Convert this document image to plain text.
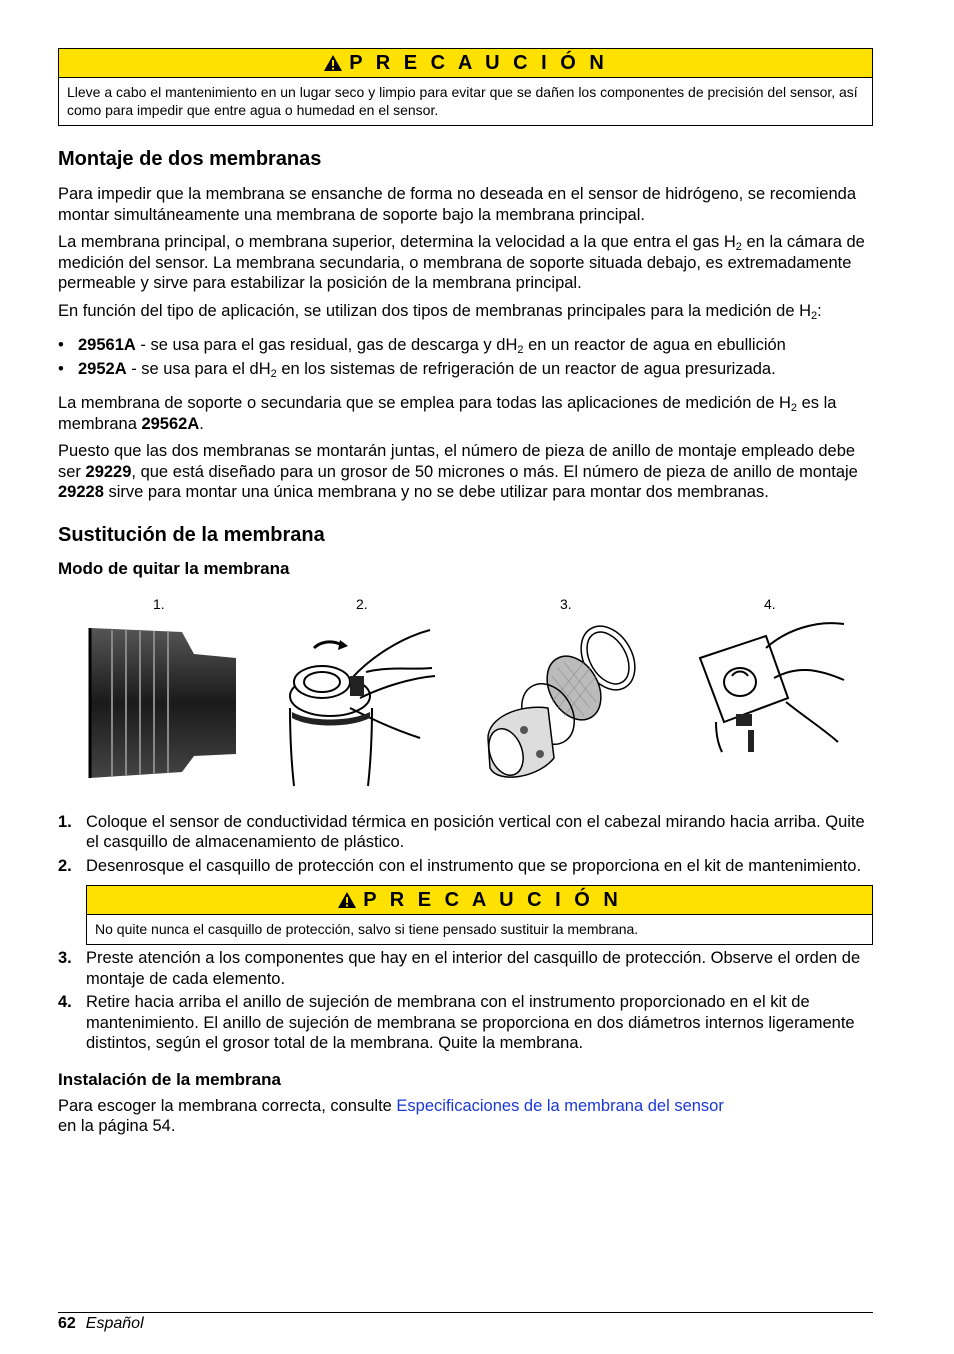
P R E C A U C I Ó N
Lleve a cabo el mantenimiento en un lugar seco y limpio para evitar que se dañen los componentes de precisión del sensor, así como para impedir que entre agua o humedad en el sensor.
Montaje de dos membranas

Para impedir que la membrana se ensanche de forma no deseada en el sensor de hidrógeno, se recomienda montar simultáneamente una membrana de soporte bajo la membrana principal.

La membrana principal, o membrana superior, determina la velocidad a la que entra el gas $H_2$ en la cámara de medición del sensor. La membrana secundaria, o membrana de soporte situada debajo, es extremadamente permeable y sirve para estabilizar la posición de la membrana principal.

En función del tipo de aplicación, se utilizan dos tipos de membranas principales para la medición de $H_2$:

• 29561A - se usa para el gas residual, gas de descarga y $dH_2$ en un reactor de agua en ebullición
• 2952A - se usa para el $dH_2$ en los sistemas de refrigeración de un reactor de agua presurizada.

La membrana de soporte o secundaria que se emplea para todas las aplicaciones de medición de $H_2$ es la membrana 29562A.

Puesto que las dos membranas se montarán juntas, el número de pieza de anillo de montaje empleado debe ser 29229, que está diseñado para un grosor de 50 micrones o más. El número de pieza de anillo de montaje 29228 sirve para montar una única membrana y no se debe utilizar para montar dos membranas.

Sustitución de la membrana
Modo de quitar la membrana
1.	2.	3.	4.
1. Coloque el sensor de conductividad térmica en posición vertical con el cabezal mirando hacia arriba. Quite el casquillo de almacenamiento de plástico.
2. Desenrosque el casquillo de protección con el instrumento que se proporciona en el kit de mantenimiento.
P R E C A U C I Ó N
No quite nunca el casquillo de protección, salvo si tiene pensado sustituir la membrana.
3. Preste atención a los componentes que hay en el interior del casquillo de protección. Observe el orden de montaje de cada elemento.
4. Retire hacia arriba el anillo de sujeción de membrana con el instrumento proporcionado en el kit de mantenimiento. El anillo de sujeción de membrana se proporciona en dos diámetros internos ligeramente distintos, según el grosor total de la membrana. Quite la membrana.
Instalación de la membrana

Para escoger la membrana correcta, consulte Especificaciones de la membrana del sensor
en la página 54.

62 Español
